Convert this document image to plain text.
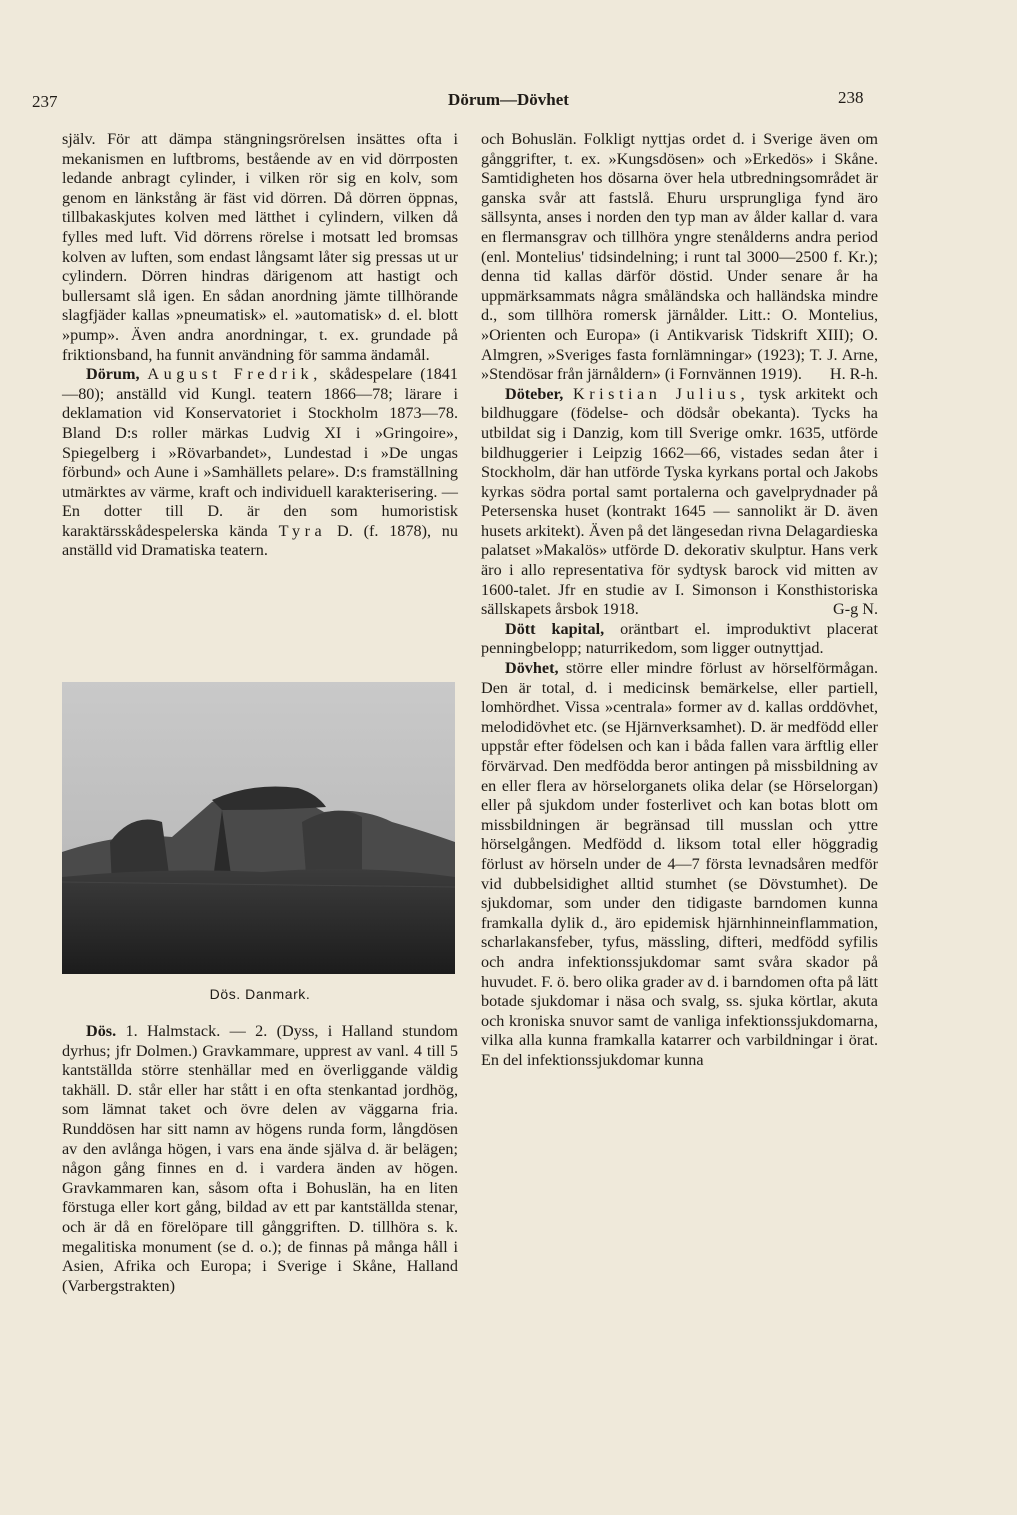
237	Dörum—Dövhet	238

själv. För att dämpa stängningsrörelsen insättes ofta i mekanismen en luftbroms, bestående av en vid dörrposten ledande anbragt cylinder, i vilken rör sig en kolv, som genom en länkstång är fäst vid dörren. Då dörren öppnas, tillbakaskjutes kolven med lätthet i cylindern, vilken då fylles med luft. Vid dörrens rörelse i motsatt led bromsas kolven av luften, som endast långsamt låter sig pressas ut ur cylindern. Dörren hindras därigenom att hastigt och bullersamt slå igen. En sådan anordning jämte tillhörande slagfjäder kallas »pneumatisk» el. »automatisk» d. el. blott »pump». Även andra anordningar, t. ex. grundade på friktionsband, ha funnit användning för samma ändamål.

Dörum, August Fredrik, skådespelare (1841—80); anställd vid Kungl. teatern 1866—78; lärare i deklamation vid Konservatoriet i Stockholm 1873—78. Bland D:s roller märkas Ludvig XI i »Gringoire», Spiegelberg i »Rövarbandet», Lundestad i »De ungas förbund» och Aune i »Samhällets pelare». D:s framställning utmärktes av värme, kraft och individuell karakterisering. — En dotter till D. är den som humoristisk karaktärsskådespelerska kända Tyra D. (f. 1878), nu anställd vid Dramatiska teatern.

Dös. Danmark.

Dös. 1. Halmstack. — 2. (Dyss, i Halland stundom dyrhus; jfr Dolmen.) Gravkammare, upprest av vanl. 4 till 5 kantställda större stenhällar med en överliggande väldig takhäll. D. står eller har stått i en ofta stenkantad jordhög, som lämnat taket och övre delen av väggarna fria. Runddösen har sitt namn av högens runda form, långdösen av den avlånga högen, i vars ena ände själva d. är belägen; någon gång finnes en d. i vardera änden av högen. Gravkammaren kan, såsom ofta i Bohuslän, ha en liten förstuga eller kort gång, bildad av ett par kantställda stenar, och är då en förelöpare till gånggriften. D. tillhöra s. k. megalitiska monument (se d. o.); de finnas på många håll i Asien, Afrika och Europa; i Sverige i Skåne, Halland (Varbergstrakten)

och Bohuslän. Folkligt nyttjas ordet d. i Sverige även om gånggrifter, t. ex. »Kungsdösen» och »Erkedös» i Skåne. Samtidigheten hos dösarna över hela utbredningsområdet är ganska svår att fastslå. Ehuru ursprungliga fynd äro sällsynta, anses i norden den typ man av ålder kallar d. vara en flermansgrav och tillhöra yngre stenålderns andra period (enl. Montelius' tidsindelning; i runt tal 3000—2500 f. Kr.); denna tid kallas därför döstid. Under senare år ha uppmärksammats några småländska och halländska mindre d., som tillhöra romersk järnålder. Litt.: O. Montelius, »Orienten och Europa» (i Antikvarisk Tidskrift XIII); O. Almgren, »Sveriges fasta fornlämningar» (1923); T. J. Arne, »Stendösar från järnåldern» (i Fornvännen 1919). H. R-h.

Döteber, Kristian Julius, tysk arkitekt och bildhuggare (födelse- och dödsår obekanta). Tycks ha utbildat sig i Danzig, kom till Sverige omkr. 1635, utförde bildhuggerier i Leipzig 1662—66, vistades sedan åter i Stockholm, där han utförde Tyska kyrkans portal och Jakobs kyrkas södra portal samt portalerna och gavelprydnader på Petersenska huset (kontrakt 1645 — sannolikt är D. även husets arkitekt). Även på det längesedan rivna Delagardieska palatset »Makalös» utförde D. dekorativ skulptur. Hans verk äro i allo representativa för sydtysk barock vid mitten av 1600-talet. Jfr en studie av I. Simonson i Konsthistoriska sällskapets årsbok 1918.	G-g N.

Dött kapital, oräntbart el. improduktivt placerat penningbelopp; naturrikedom, som ligger outnyttjad.

Dövhet, större eller mindre förlust av hörselförmågan. Den är total, d. i medicinsk bemärkelse, eller partiell, lomhördhet. Vissa »centrala» former av d. kallas orddövhet, melodidövhet etc. (se Hjärnverksamhet). D. är medfödd eller uppstår efter födelsen och kan i båda fallen vara ärftlig eller förvärvad. Den medfödda beror antingen på missbildning av en eller flera av hörselorganets olika delar (se Hörselorgan) eller på sjukdom under fosterlivet och kan botas blott om missbildningen är begränsad till musslan och yttre hörselgången. Medfödd d. liksom total eller höggradig förlust av hörseln under de 4—7 första levnadsåren medför vid dubbelsidighet alltid stumhet (se Dövstumhet). De sjukdomar, som under den tidigaste barndomen kunna framkalla dylik d., äro epidemisk hjärnhinneinflammation, scharlakansfeber, tyfus, mässling, difteri, medfödd syfilis och andra infektionssjukdomar samt svåra skador på huvudet. F. ö. bero olika grader av d. i barndomen ofta på lätt botade sjukdomar i näsa och svalg, ss. sjuka körtlar, akuta och kroniska snuvor samt de vanliga infektionssjukdomarna, vilka alla kunna framkalla katarrer och varbildningar i örat. En del infektionssjukdomar kunna
